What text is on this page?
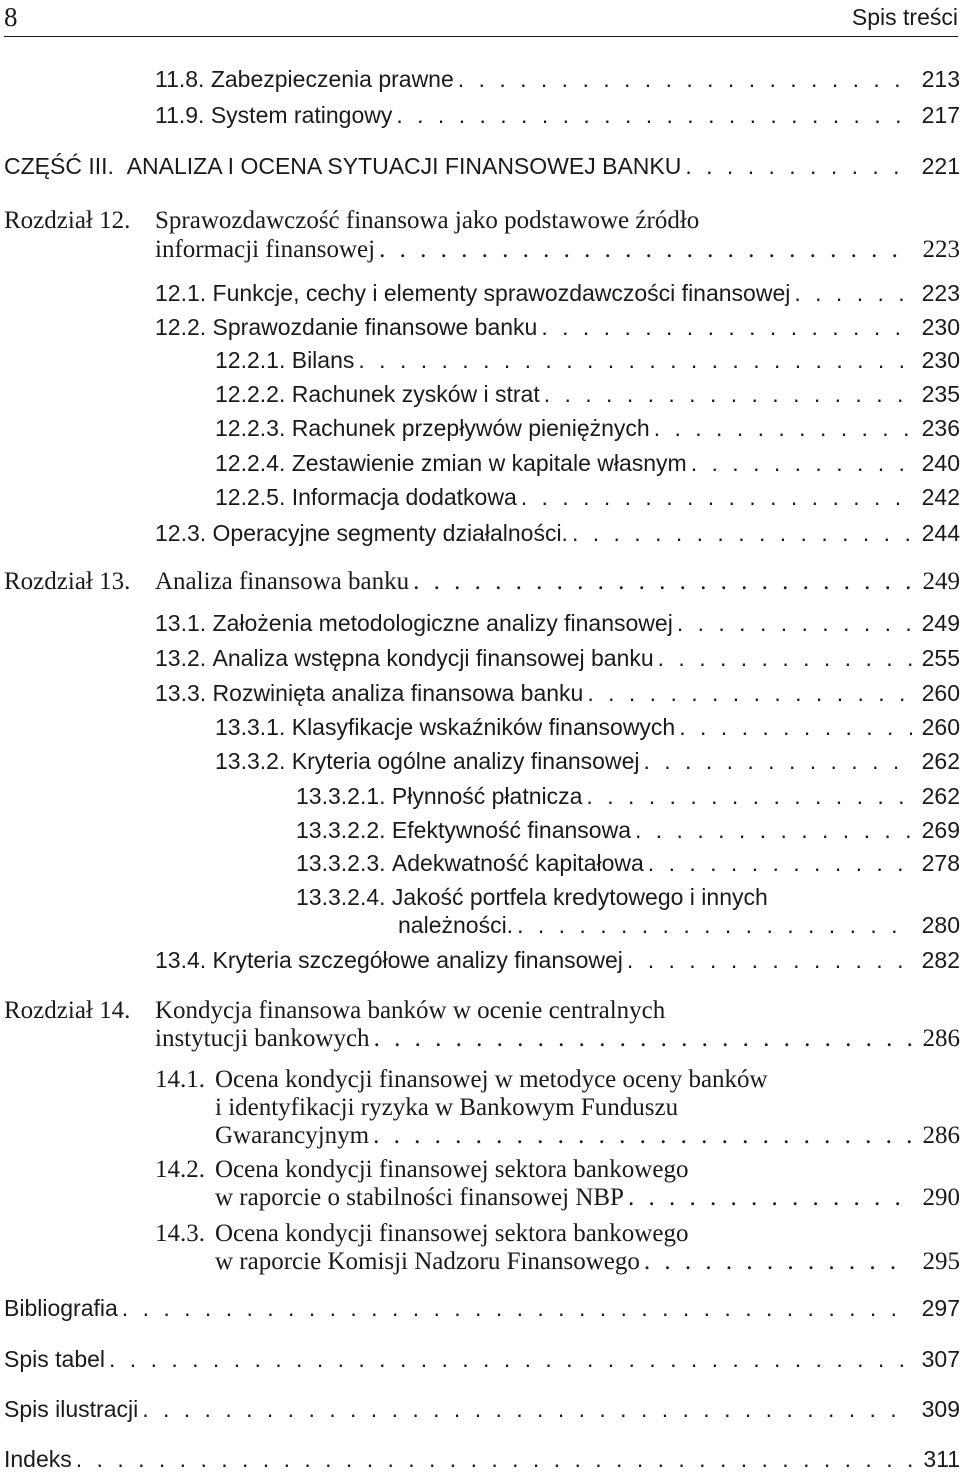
8	Spis treści
11.8.
Zabezpieczenia prawne . . .	213
11.9.
System ratingowy . . .	217
CZĘŚĆ III.
ANALIZA I OCENA SYTUACJI FINANSOWEJ BANKU . . .	221
Rozdział 12. Sprawozdawczość finansowa jako podstawowe źródło
informacji finansowej . . .	223
12.1.
Funkcje, cechy i elementy sprawozdawczości finansowej . . .	223
12.2.
Sprawozdanie finansowe banku . . .	230
12.2.1.
Bilans . . .	230
12.2.2.
Rachunek zysków i strat . . .	235
12.2.3.
Rachunek przepływów pieniężnych . . .	236
12.2.4.
Zestawienie zmian w kapitale własnym . . .	240
12.2.5.
Informacja dodatkowa . . .	242
12.3.
Operacyjne segmenty działalności. . . .	244
Rozdział 13. Analiza finansowa banku . . .	249
13.1.
Założenia metodologiczne analizy finansowej . . .	249
13.2.
Analiza wstępna kondycji finansowej banku . . .	255
13.3.
Rozwinięta analiza finansowa banku . . .	260
13.3.1.
Klasyfikacje wskaźników finansowych . . .	260
13.3.2.
Kryteria ogólne analizy finansowej . . .	262
13.3.2.1.
Płynność płatnicza . . .	262
13.3.2.2.
Efektywność finansowa . . .	269
13.3.2.3.
Adekwatność kapitałowa . . .	278
13.3.2.4. Jakość portfela kredytowego i innych
należności. . . .	280
13.4.
Kryteria szczegółowe analizy finansowej . . .	282
Rozdział 14. Kondycja finansowa banków w ocenie centralnych
instytucji bankowych . . .	286
14.1. Ocena kondycji finansowej w metodyce oceny banków
i identyfikacji ryzyka w Bankowym Funduszu
Gwarancyjnym . . .	286
14.2. Ocena kondycji finansowej sektora bankowego
w raporcie o stabilności finansowej NBP . . .	290
14.3. Ocena kondycji finansowej sektora bankowego
w raporcie Komisji Nadzoru Finansowego . . .	295
Bibliografia . . .	297
Spis tabel . . .	307
Spis ilustracji . . .	309
Indeks . . .	311
